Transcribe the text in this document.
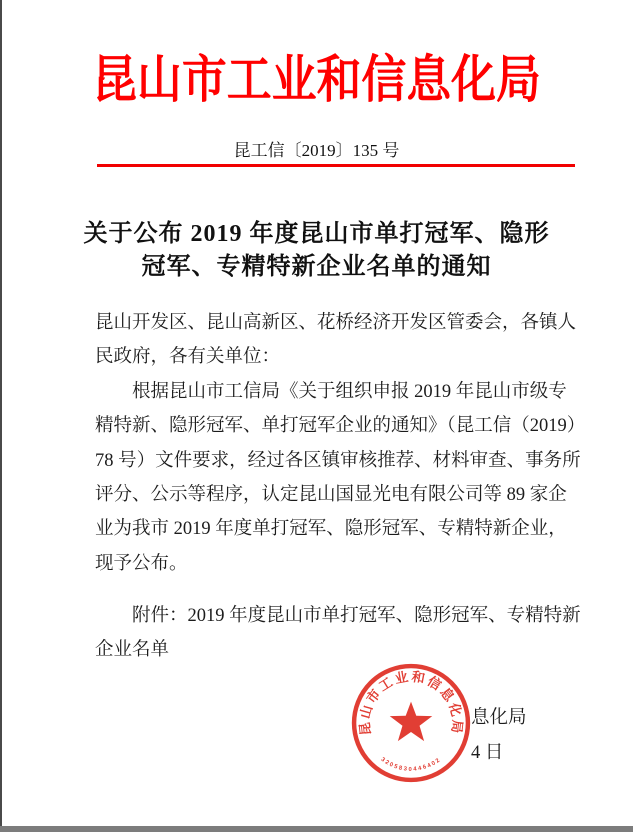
昆山市工业和信息化局
昆工信〔2019〕135 号
关于公布 2019 年度昆山市单打冠军、隐形
冠军、专精特新企业名单的通知
昆山开发区、昆山高新区、花桥经济开发区管委会，各镇人
民政府，各有关单位：
　　根据昆山市工信局《关于组织申报 2019 年昆山市级专
精特新、隐形冠军、单打冠军企业的通知》（昆工信（2019）
78 号）文件要求，经过各区镇审核推荐、材料审查、事务所
评分、公示等程序，认定昆山国显光电有限公司等 89 家企
业为我市 2019 年度单打冠军、隐形冠军、专精特新企业，
现予公布。
　　附件：2019 年度昆山市单打冠军、隐形冠军、专精特新
企业名单
息化局
4 日
昆山市工业和信息化局
3205830446402
